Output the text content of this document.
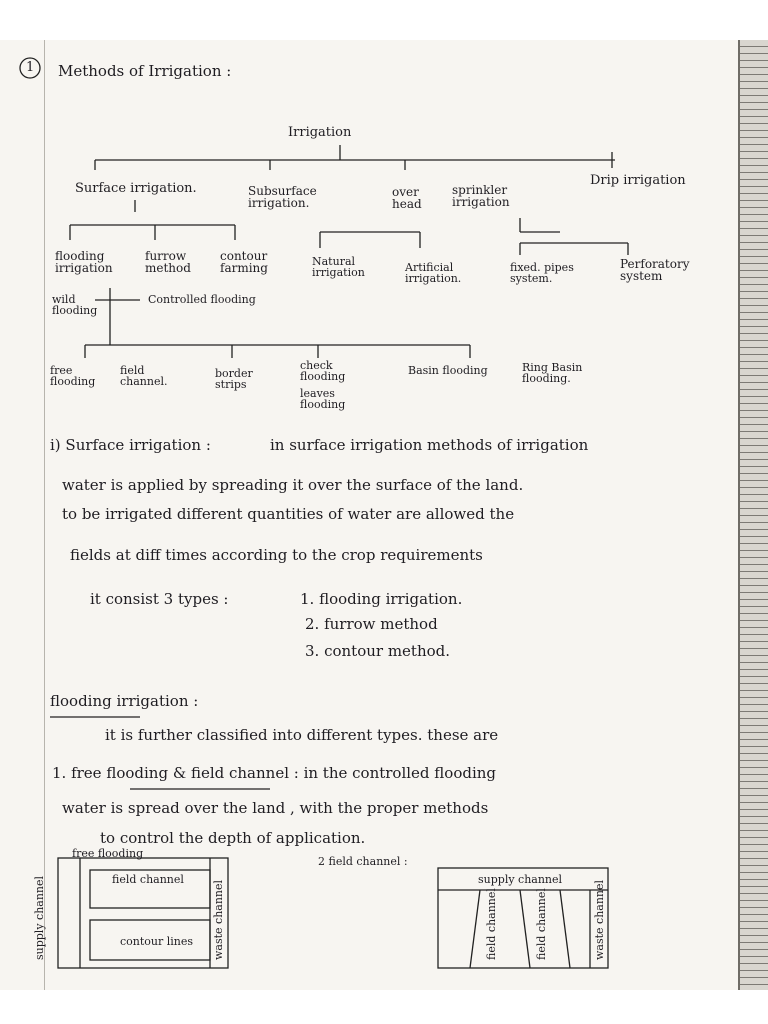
1 Methods of Irrigation :
Irrigation
Surface irrigation.	Subsurface irrigation.
over head
sprinkler irrigation
Drip irrigation
flooding irrigation
furrow method
contour farming	Natural irrigation	Artificial irrigation.
fixed. pipes system.
Perforatory system
wild flooding
Controlled flooding
free flooding
field channel.
border strips
check flooding
leaves flooding
Basin flooding	Ring Basin flooding.
i) Surface irrigation :	in surface irrigation methods of irrigation
water is applied by spreading it over the surface of the land.
to be irrigated different quantities of water are allowed the
fields at diff times according to the crop requirements
it consist 3 types :	1. flooding irrigation.
2. furrow method
3. contour method.
flooding irrigation :
it is further classified into different types. these are
1. free flooding & field channel : in the controlled flooding
water is spread over the land , with the proper methods
to control the depth of application.
free flooding
field channel
supply channel	waste channel
contour lines
2 field channel :
supply channel
field channel	field channel	waste channel
